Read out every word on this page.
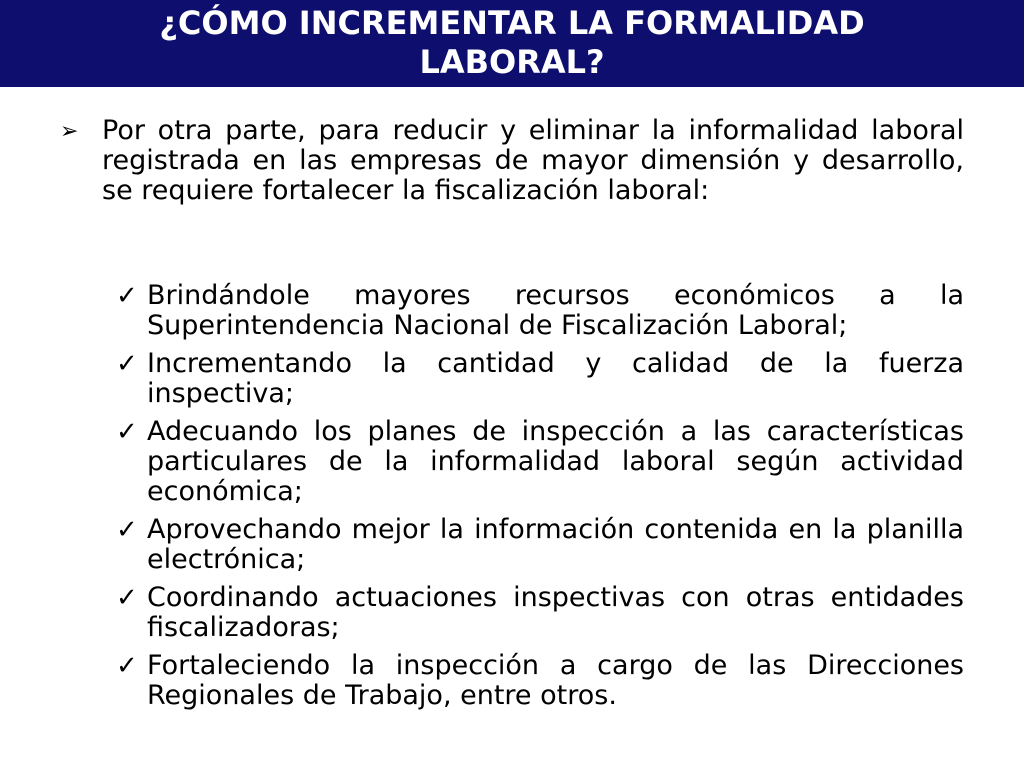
¿CÓMO INCREMENTAR LA FORMALIDAD
LABORAL?
➢ Por otra parte, para reducir y eliminar la informalidad laboral registrada en las empresas de mayor dimensión y desarrollo, se requiere fortalecer la fiscalización laboral:
✓ Brindándole mayores recursos económicos a la Superintendencia Nacional de Fiscalización Laboral;
✓ Incrementando la cantidad y calidad de la fuerza inspectiva;
✓ Adecuando los planes de inspección a las características particulares de la informalidad laboral según actividad económica;
✓ Aprovechando mejor la información contenida en la planilla electrónica;
✓ Coordinando actuaciones inspectivas con otras entidades fiscalizadoras;
✓ Fortaleciendo la inspección a cargo de las Direcciones Regionales de Trabajo, entre otros.
